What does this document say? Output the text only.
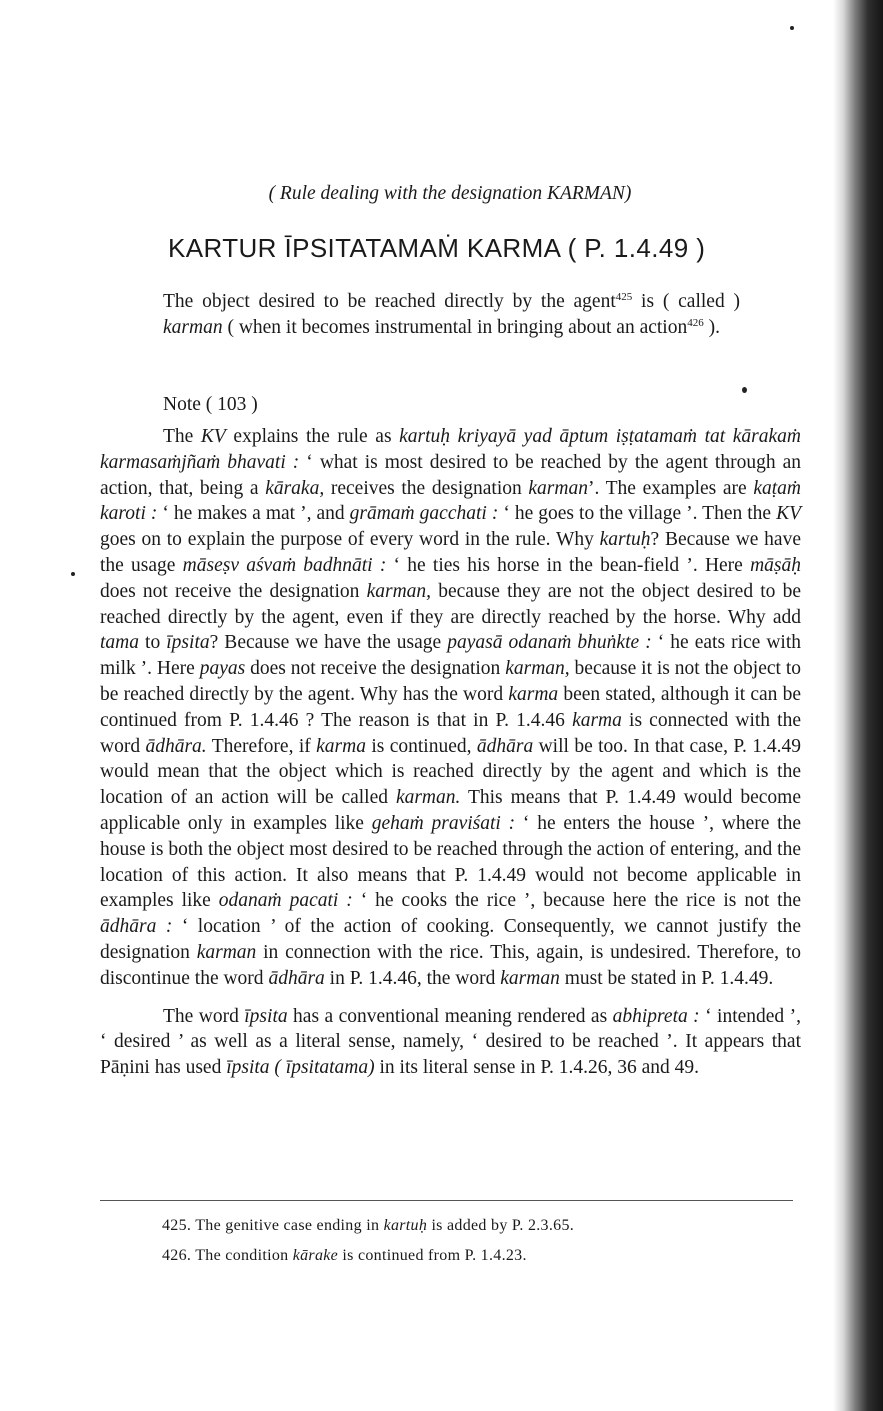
( Rule dealing with the designation KARMAN)
KARTUR ĪPSITATAMAṀ KARMA ( P. 1.4.49 )
The object desired to be reached directly by the agent$^{425}$ is ( called ) karman ( when it becomes instrumental in bringing about an action$^{426}$ ).
Note ( 103 )

The KV explains the rule as kartuḥ kriyayā yad āptum iṣṭatamaṁ tat kārakaṁ karmasaṁjñaṁ bhavati : ‘ what is most desired to be reached by the agent through an action, that, being a kāraka, receives the designation karman’. The examples are kaṭaṁ karoti : ‘ he makes a mat ’, and grāmaṁ gacchati : ‘ he goes to the village ’. Then the KV goes on to explain the purpose of every word in the rule. Why kartuḥ? Because we have the usage māseṣv aśvaṁ badhnāti : ‘ he ties his horse in the bean-field ’. Here māṣāḥ does not receive the designation karman, because they are not the object desired to be reached directly by the agent, even if they are directly reached by the horse. Why add tama to īpsita? Because we have the usage payasā odanaṁ bhuṅkte : ‘ he eats rice with milk ’. Here payas does not receive the designation karman, because it is not the object to be reached directly by the agent. Why has the word karma been stated, although it can be continued from P. 1.4.46 ? The reason is that in P. 1.4.46 karma is connected with the word ādhāra. Therefore, if karma is continued, ādhāra will be too. In that case, P. 1.4.49 would mean that the object which is reached directly by the agent and which is the location of an action will be called karman. This means that P. 1.4.49 would become applicable only in examples like gehaṁ praviśati : ‘ he enters the house ’, where the house is both the object most desired to be reached through the action of entering, and the location of this action. It also means that P. 1.4.49 would not become applicable in examples like odanaṁ pacati : ‘ he cooks the rice ’, because here the rice is not the ādhāra : ‘ location ’ of the action of cooking. Consequently, we cannot justify the designation karman in connection with the rice. This, again, is undesired. Therefore, to discontinue the word ādhāra in P. 1.4.46, the word karman must be stated in P. 1.4.49.

The word īpsita has a conventional meaning rendered as abhipreta : ‘ intended ’, ‘ desired ’ as well as a literal sense, namely, ‘ desired to be reached ’. It appears that Pāṇini has used īpsita ( īpsitatama) in its literal sense in P. 1.4.26, 36 and 49.

425. The genitive case ending in kartuḥ is added by P. 2.3.65.
426. The condition kārake is continued from P. 1.4.23.
